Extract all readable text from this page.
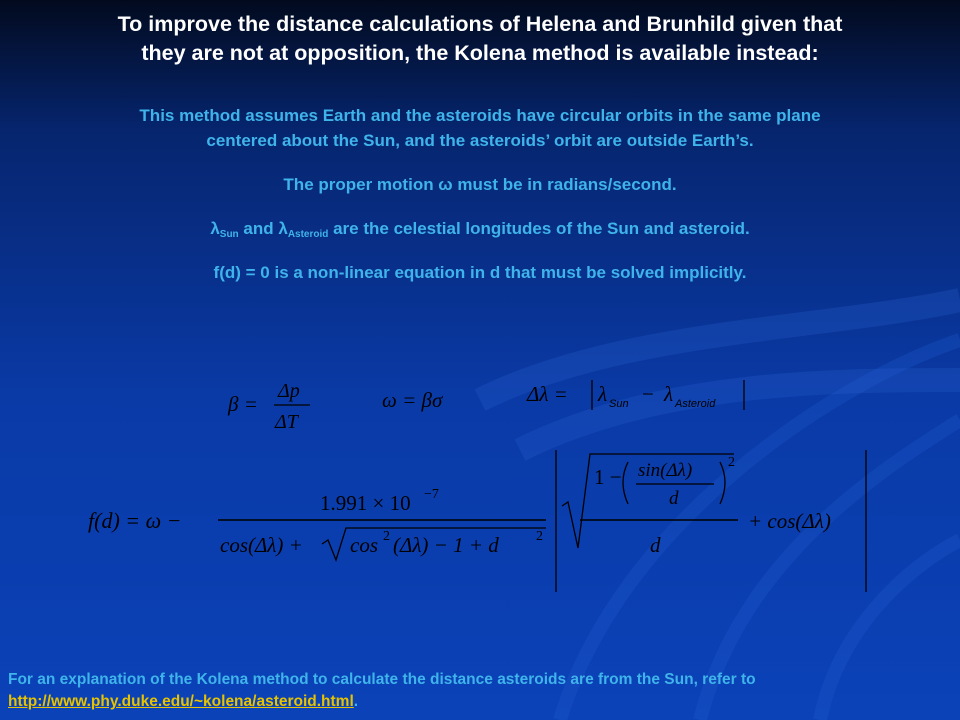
To improve the distance calculations of Helena and Brunhild given that
they are not at opposition, the Kolena method is available instead:

This method assumes Earth and the asteroids have circular orbits in the same plane
centered about the Sun, and the asteroids’ orbit are outside Earth’s.

The proper motion ω must be in radians/second.

$\lambda_{Sun}$ and $\lambda_{Asteroid}$ are the celestial longitudes of the Sun and asteroid.

f(d) = 0 is a non-linear equation in d that must be solved implicitly.

β =
Δp
ΔT
ω = βσ	Δλ = λ Sun − λ Asteroid
f(d) = ω −
1.991 × 10 −7
cos(Δλ) + cos 2 (Δλ) − 1 + d	2
1 − sin(Δλ)
d
2
d
+ cos(Δλ)
For an explanation of the Kolena method to calculate the distance asteroids are from the Sun, refer to
http://www.phy.duke.edu/~kolena/asteroid.html.
